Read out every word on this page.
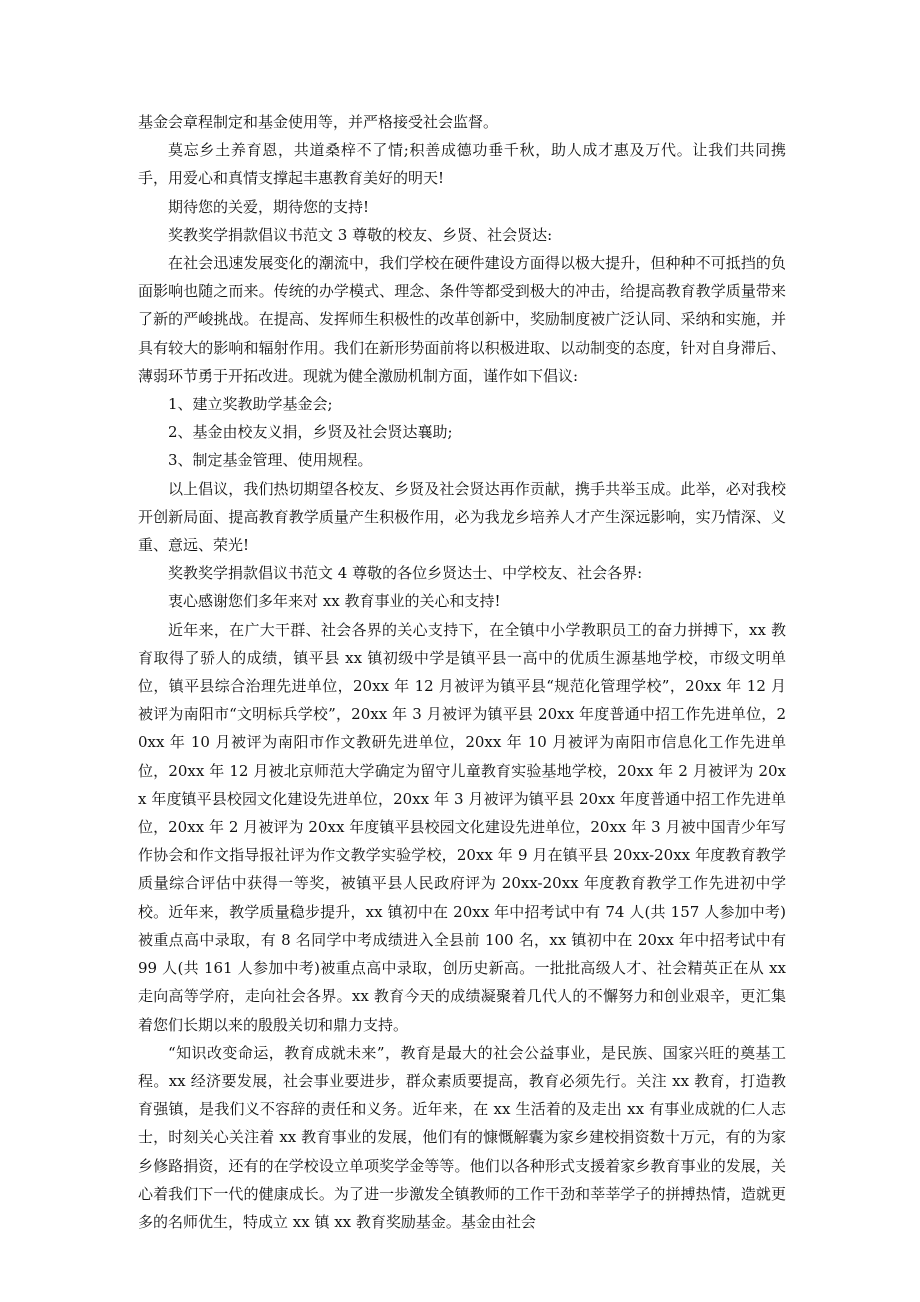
基金会章程制定和基金使用等，并严格接受社会监督。

莫忘乡土养育恩，共道桑梓不了情;积善成德功垂千秋，助人成才惠及万代。让我们共同携手，用爱心和真情支撑起丰惠教育美好的明天!

期待您的关爱，期待您的支持!

奖教奖学捐款倡议书范文 3 尊敬的校友、乡贤、社会贤达:

在社会迅速发展变化的潮流中，我们学校在硬件建设方面得以极大提升，但种种不可抵挡的负面影响也随之而来。传统的办学模式、理念、条件等都受到极大的冲击，给提高教育教学质量带来了新的严峻挑战。在提高、发挥师生积极性的改革创新中，奖励制度被广泛认同、采纳和实施，并具有较大的影响和辐射作用。我们在新形势面前将以积极进取、以动制变的态度，针对自身滞后、薄弱环节勇于开拓改进。现就为健全激励机制方面，谨作如下倡议:

1、建立奖教助学基金会;

2、基金由校友义捐，乡贤及社会贤达襄助;

3、制定基金管理、使用规程。

以上倡议，我们热切期望各校友、乡贤及社会贤达再作贡献，携手共举玉成。此举，必对我校开创新局面、提高教育教学质量产生积极作用，必为我龙乡培养人才产生深远影响，实乃情深、义重、意远、荣光!

奖教奖学捐款倡议书范文 4 尊敬的各位乡贤达士、中学校友、社会各界:

衷心感谢您们多年来对 xx 教育事业的关心和支持!

近年来，在广大干群、社会各界的关心支持下，在全镇中小学教职员工的奋力拼搏下，xx 教育取得了骄人的成绩，镇平县 xx 镇初级中学是镇平县一高中的优质生源基地学校，市级文明单位，镇平县综合治理先进单位，20xx 年 12 月被评为镇平县“规范化管理学校”，20xx 年 12 月被评为南阳市“文明标兵学校”，20xx 年 3 月被评为镇平县 20xx 年度普通中招工作先进单位，20xx 年 10 月被评为南阳市作文教研先进单位，20xx 年 10 月被评为南阳市信息化工作先进单位，20xx 年 12 月被北京师范大学确定为留守儿童教育实验基地学校，20xx 年 2 月被评为 20xx 年度镇平县校园文化建设先进单位，20xx 年 3 月被评为镇平县 20xx 年度普通中招工作先进单位，20xx 年 2 月被评为 20xx 年度镇平县校园文化建设先进单位，20xx 年 3 月被中国青少年写作协会和作文指导报社评为作文教学实验学校，20xx 年 9 月在镇平县 20xx-20xx 年度教育教学质量综合评估中获得一等奖，被镇平县人民政府评为 20xx-20xx 年度教育教学工作先进初中学校。近年来，教学质量稳步提升，xx 镇初中在 20xx 年中招考试中有 74 人(共 157 人参加中考)被重点高中录取，有 8 名同学中考成绩进入全县前 100 名，xx 镇初中在 20xx 年中招考试中有 99 人(共 161 人参加中考)被重点高中录取，创历史新高。一批批高级人才、社会精英正在从 xx 走向高等学府，走向社会各界。xx 教育今天的成绩凝聚着几代人的不懈努力和创业艰辛，更汇集着您们长期以来的殷殷关切和鼎力支持。

“知识改变命运，教育成就未来”，教育是最大的社会公益事业，是民族、国家兴旺的奠基工程。xx 经济要发展，社会事业要进步，群众素质要提高，教育必须先行。关注 xx 教育，打造教育强镇，是我们义不容辞的责任和义务。近年来，在 xx 生活着的及走出 xx 有事业成就的仁人志士，时刻关心关注着 xx 教育事业的发展，他们有的慷慨解囊为家乡建校捐资数十万元，有的为家乡修路捐资，还有的在学校设立单项奖学金等等。他们以各种形式支援着家乡教育事业的发展，关心着我们下一代的健康成长。为了进一步激发全镇教师的工作干劲和莘莘学子的拼搏热情，造就更多的名师优生，特成立 xx 镇 xx 教育奖励基金。基金由社会
